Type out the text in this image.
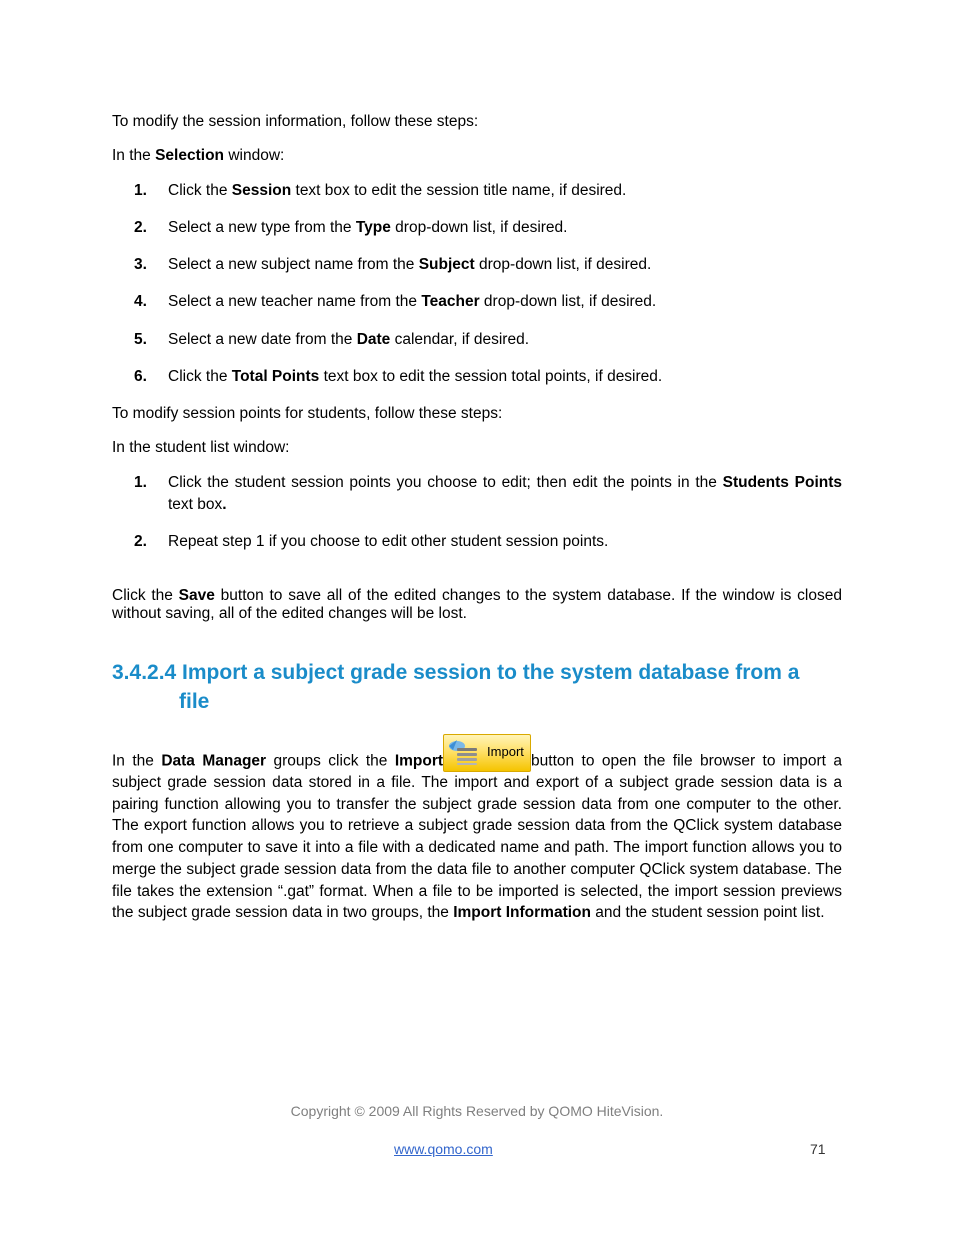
To modify the session information, follow these steps:

In the Selection window:

1. Click the Session text box to edit the session title name, if desired.
2. Select a new type from the Type drop-down list, if desired.
3. Select a new subject name from the Subject drop-down list, if desired.
4. Select a new teacher name from the Teacher drop-down list, if desired.
5. Select a new date from the Date calendar, if desired.
6. Click the Total Points text box to edit the session total points, if desired.

To modify session points for students, follow these steps:

In the student list window:

1. Click the student session points you choose to edit; then edit the points in the Students Points text box.
2. Repeat step 1 if you choose to edit other student session points.

Click the Save button to save all of the edited changes to the system database. If the window is closed without saving, all of the edited changes will be lost.

3.4.2.4 Import a subject grade session to the system database from a
file

In the Data Manager groups click the Import
Import
button to open the file browser to import a subject grade session data stored in a file. The import and export of a subject grade session data is a pairing function allowing you to transfer the subject grade session data from one computer to the other. The export function allows you to retrieve a subject grade session data from the QClick system database from one computer to save it into a file with a dedicated name and path. The import function allows you to merge the subject grade session data from the data file to another computer QClick system database. The file takes the extension “.gat” format. When a file to be imported is selected, the import session previews the subject grade session data in two groups, the Import Information and the student session point list.

Copyright © 2009 All Rights Reserved by QOMO HiteVision.
www.qomo.com	71
